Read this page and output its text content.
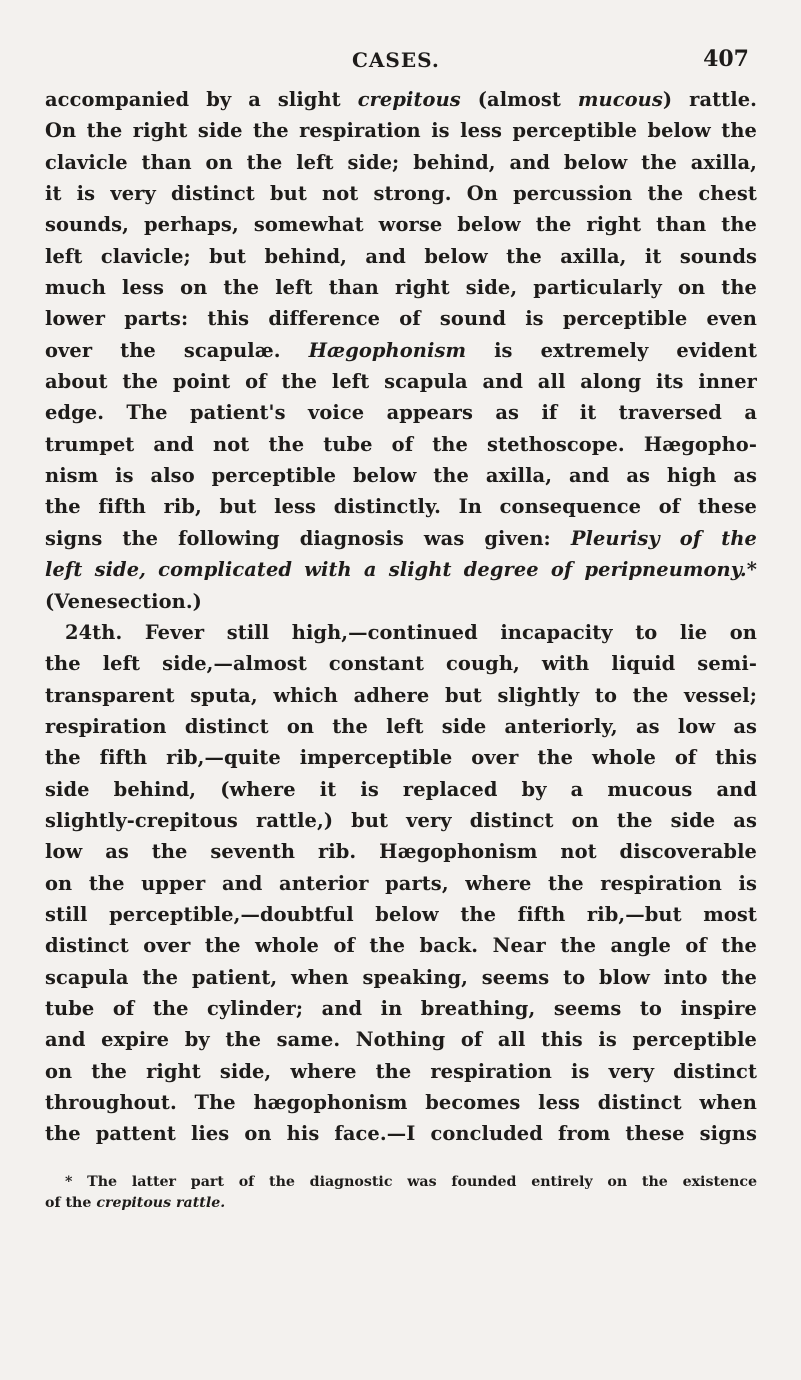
CASES.	407

accompanied by a slight crepitous (almost mucous) rattle.
On the right side the respiration is less perceptible below the
clavicle than on the left side; behind, and below the axilla,
it is very distinct but not strong. On percussion the chest
sounds, perhaps, somewhat worse below the right than the
left clavicle; but behind, and below the axilla, it sounds
much less on the left than right side, particularly on the
lower parts: this difference of sound is perceptible even
over the scapulæ. Hægophonism is extremely evident
about the point of the left scapula and all along its inner
edge. The patient's voice appears as if it traversed a
trumpet and not the tube of the stethoscope. Hægopho-
nism is also perceptible below the axilla, and as high as
the fifth rib, but less distinctly. In consequence of these
signs the following diagnosis was given: Pleurisy of the
left side, complicated with a slight degree of peripneumony.*
(Venesection.)

24th. Fever still high,—continued incapacity to lie on
the left side,—almost constant cough, with liquid semi-
transparent sputa, which adhere but slightly to the vessel;
respiration distinct on the left side anteriorly, as low as
the fifth rib,—quite imperceptible over the whole of this
side behind, (where it is replaced by a mucous and
slightly-crepitous rattle,) but very distinct on the side as
low as the seventh rib. Hægophonism not discoverable
on the upper and anterior parts, where the respiration is
still perceptible,—doubtful below the fifth rib,—but most
distinct over the whole of the back. Near the angle of the
scapula the patient, when speaking, seems to blow into the
tube of the cylinder; and in breathing, seems to inspire
and expire by the same. Nothing of all this is perceptible
on the right side, where the respiration is very distinct
throughout. The hægophonism becomes less distinct when
the pattent lies on his face.—I concluded from these signs

* The latter part of the diagnostic was founded entirely on the existence
of the crepitous rattle.
